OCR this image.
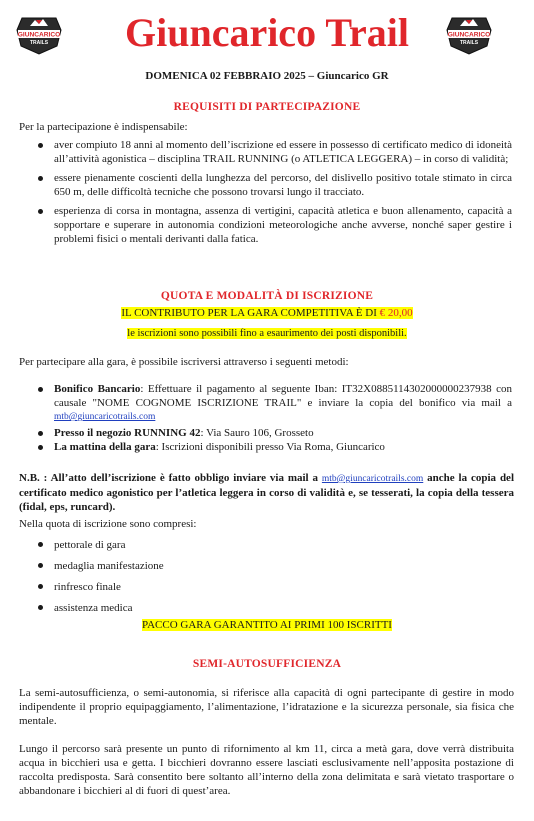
GIUNCARICO
TRAILS	Giuncarico Trail	GIUNCARICO
TRAILS
DOMENICA 02 FEBBRAIO 2025 – Giuncarico GR
REQUISITI DI PARTECIPAZIONE
Per la partecipazione è indispensabile:
aver compiuto 18 anni al momento dell’iscrizione ed essere in possesso di certificato medico di idoneità all’attività agonistica – disciplina TRAIL RUNNING (o ATLETICA LEGGERA) – in corso di validità;
essere pienamente coscienti della lunghezza del percorso, del dislivello positivo totale stimato in circa 650 m, delle difficoltà tecniche che possono trovarsi lungo il tracciato.
esperienza di corsa in montagna, assenza di vertigini, capacità atletica e buon allenamento, capacità a sopportare e superare in autonomia condizioni meteorologiche anche avverse, nonché saper gestire i problemi fisici o mentali derivanti dalla fatica.
QUOTA E MODALITÀ DI ISCRIZIONE
IL CONTRIBUTO PER LA GARA COMPETITIVA È DI € 20,00
le iscrizioni sono possibili fino a esaurimento dei posti disponibili.
Per partecipare alla gara, è possibile iscriversi attraverso i seguenti metodi:
Bonifico Bancario: Effettuare il pagamento al seguente Iban: IT32X0885114302000000237938 con causale "NOME COGNOME ISCRIZIONE TRAIL" e inviare la copia del bonifico via mail a mtb@giuncaricotrails.com
Presso il negozio RUNNING 42: Via Sauro 106, Grosseto
La mattina della gara: Iscrizioni disponibili presso Via Roma, Giuncarico
N.B. : All’atto dell’iscrizione è fatto obbligo inviare via mail a mtb@giuncaricotrails.com anche la copia del certificato medico agonistico per l’atletica leggera in corso di validità e, se tesserati, la copia della tessera (fidal, eps, runcard).
Nella quota di iscrizione sono compresi:
pettorale di gara
medaglia manifestazione
rinfresco finale
assistenza medica
PACCO GARA GARANTITO AI PRIMI 100 ISCRITTI
SEMI-AUTOSUFFICIENZA
La semi-autosufficienza, o semi-autonomia, si riferisce alla capacità di ogni partecipante di gestire in modo indipendente il proprio equipaggiamento, l’alimentazione, l’idratazione e la sicurezza personale, sia fisica che mentale.
Lungo il percorso sarà presente un punto di rifornimento al km 11, circa a metà gara, dove verrà distribuita acqua in bicchieri usa e getta. I bicchieri dovranno essere lasciati esclusivamente nell’apposita postazione di raccolta predisposta. Sarà consentito bere soltanto all’interno della zona delimitata e sarà vietato trasportare o abbandonare i bicchieri al di fuori di quest’area.
